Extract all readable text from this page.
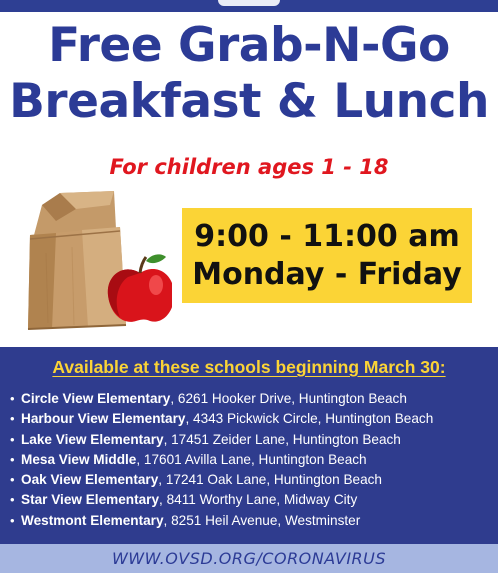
Free Grab-N-Go
Breakfast & Lunch
For children ages 1 - 18
9:00 - 11:00 am
Monday - Friday
Available at these schools beginning March 30:
• Circle View Elementary, 6261 Hooker Drive, Huntington Beach
• Harbour View Elementary, 4343 Pickwick Circle, Huntington Beach
• Lake View Elementary, 17451 Zeider Lane, Huntington Beach
• Mesa View Middle, 17601 Avilla Lane, Huntington Beach
• Oak View Elementary, 17241 Oak Lane, Huntington Beach
• Star View Elementary, 8411 Worthy Lane, Midway City
• Westmont Elementary, 8251 Heil Avenue, Westminster
WWW.OVSD.ORG/CORONAVIRUS
